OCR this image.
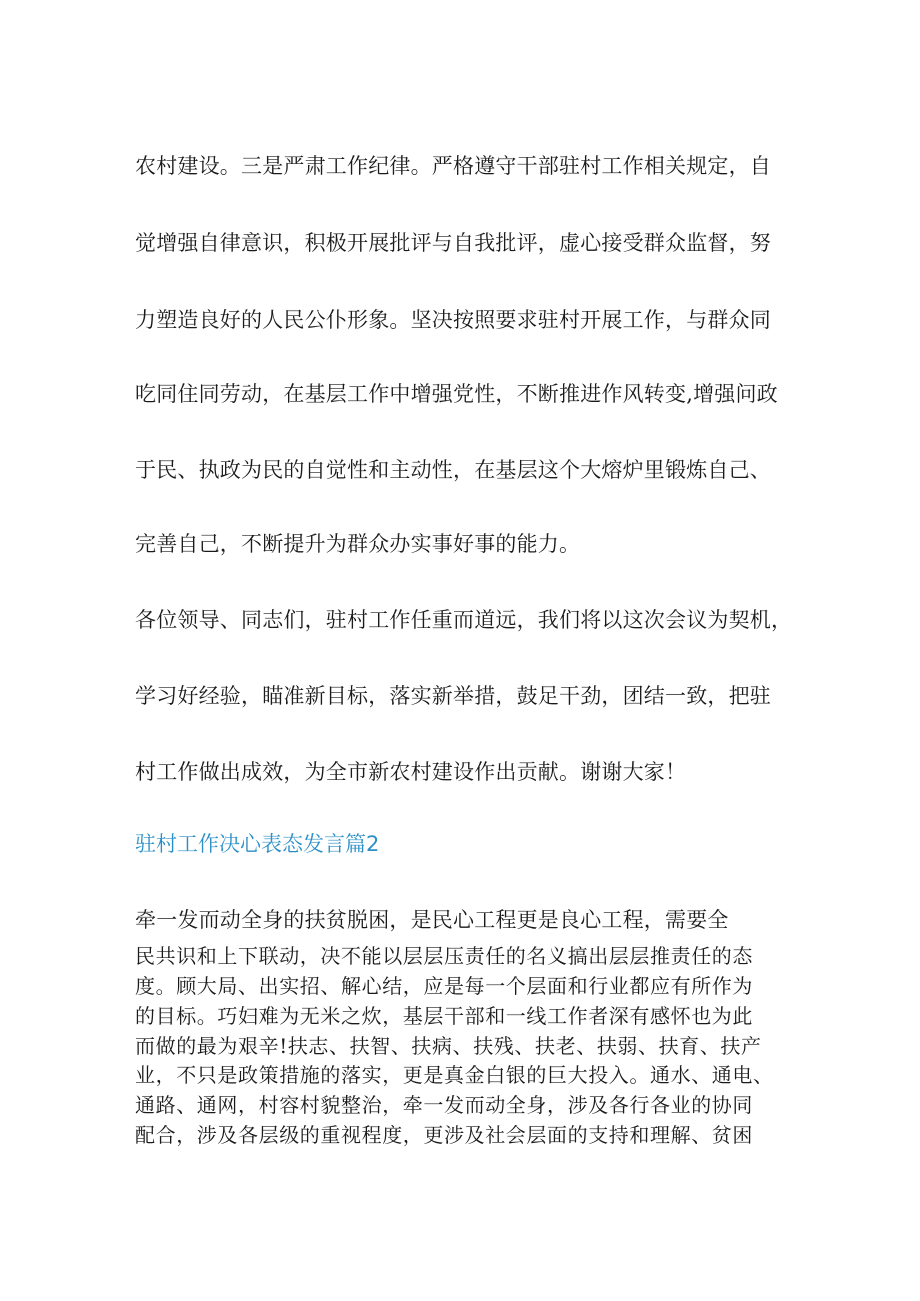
农村建设。三是严肃工作纪律。严格遵守干部驻村工作相关规定，自
觉增强自律意识，积极开展批评与自我批评，虚心接受群众监督，努
力塑造良好的人民公仆形象。坚决按照要求驻村开展工作，与群众同
吃同住同劳动，在基层工作中增强党性，不断推进作风转变,增强问政
于民、执政为民的自觉性和主动性，在基层这个大熔炉里锻炼自己、
完善自己，不断提升为群众办实事好事的能力。
各位领导、同志们，驻村工作任重而道远，我们将以这次会议为契机，
学习好经验，瞄准新目标，落实新举措，鼓足干劲，团结一致，把驻
村工作做出成效，为全市新农村建设作出贡献。谢谢大家！
驻村工作决心表态发言篇2
牵一发而动全身的扶贫脱困，是民心工程更是良心工程，需要全
民共识和上下联动，决不能以层层压责任的名义搞出层层推责任的态
度。顾大局、出实招、解心结，应是每一个层面和行业都应有所作为
的目标。巧妇难为无米之炊，基层干部和一线工作者深有感怀也为此
而做的最为艰辛!扶志、扶智、扶病、扶残、扶老、扶弱、扶育、扶产
业，不只是政策措施的落实，更是真金白银的巨大投入。通水、通电、
通路、通网，村容村貌整治，牵一发而动全身，涉及各行各业的协同
配合，涉及各层级的重视程度，更涉及社会层面的支持和理解、贫困
